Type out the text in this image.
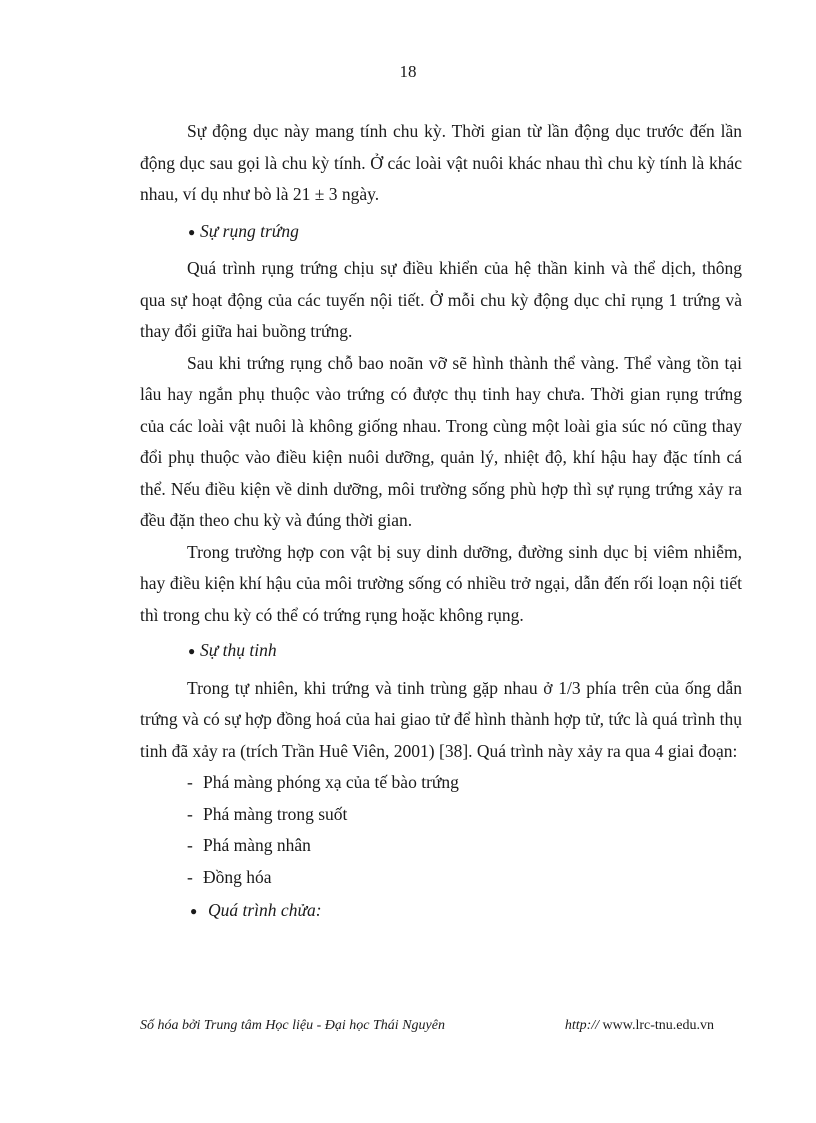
18

Sự động dục này mang tính chu kỳ. Thời gian từ lần động dục trước đến lần động dục sau gọi là chu kỳ tính. Ở các loài vật nuôi khác nhau thì chu kỳ tính là khác nhau, ví dụ như bò là 21 ± 3 ngày.

● Sự rụng trứng

Quá trình rụng trứng chịu sự điều khiển của hệ thần kinh và thể dịch, thông qua sự hoạt động của các tuyến nội tiết. Ở mỗi chu kỳ động dục chỉ rụng 1 trứng và thay đổi giữa hai buồng trứng.

Sau khi trứng rụng chỗ bao noãn vỡ sẽ hình thành thể vàng. Thể vàng tồn tại lâu hay ngắn phụ thuộc vào trứng có được thụ tinh hay chưa. Thời gian rụng trứng của các loài vật nuôi là không giống nhau. Trong cùng một loài gia súc nó cũng thay đổi phụ thuộc vào điều kiện nuôi dưỡng, quản lý, nhiệt độ, khí hậu hay đặc tính cá thể. Nếu điều kiện về dinh dưỡng, môi trường sống phù hợp thì sự rụng trứng xảy ra đều đặn theo chu kỳ và đúng thời gian.

Trong trường hợp con vật bị suy dinh dưỡng, đường sinh dục bị viêm nhiễm, hay điều kiện khí hậu của môi trường sống có nhiều trở ngại, dẫn đến rối loạn nội tiết thì trong chu kỳ có thể có trứng rụng hoặc không rụng.

● Sự thụ tinh

Trong tự nhiên, khi trứng và tinh trùng gặp nhau ở 1/3 phía trên của ống dẫn trứng và có sự hợp đồng hoá của hai giao tử để hình thành hợp tử, tức là quá trình thụ tinh đã xảy ra (trích Trần Huê Viên, 2001) [38]. Quá trình này xảy ra qua 4 giai đoạn:

- Phá màng phóng xạ của tế bào trứng

- Phá màng trong suốt

- Phá màng nhân

- Đồng hóa

● Quá trình chửa:

Số hóa bởi Trung tâm Học liệu - Đại học Thái Nguyên	http:// www.lrc-tnu.edu.vn
